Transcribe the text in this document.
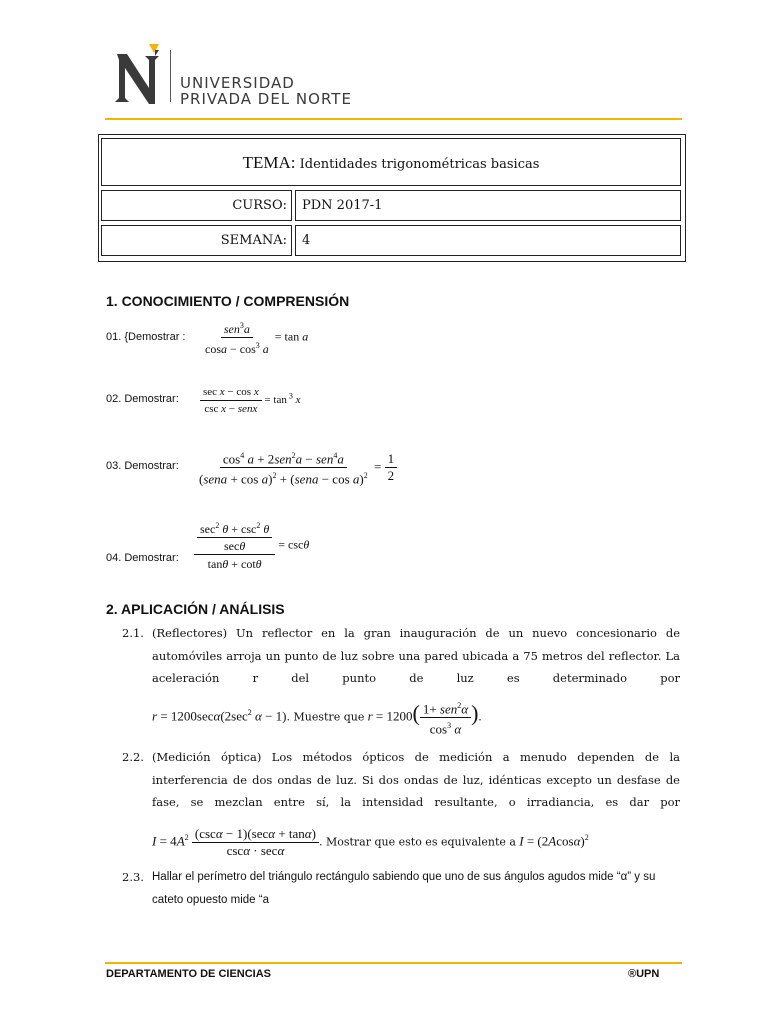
UNIVERSIDAD
PRIVADA DEL NORTE
TEMA: Identidades trigonométricas basicas
CURSO:	PDN 2017-1
SEMANA:	4
1. CONOCIMIENTO / COMPRENSIÓN
01. {Demostrar : $\frac{sen^3a}{\cos a - \cos^3 a} = \tan a$
02. Demostrar: $\frac{\text{sec x − cos x}}{\text{csc x − senx}} = \tan ^3$ x
03. Demostrar: $\frac{\cos^4 a + 2sen^2a - sen^4a}{(sena + \cos a)^2 + (sena - \cos a)^2} = \frac{1}{2}$
04. Demostrar: $\frac{\frac{\sec^2 \theta + \csc^2 \theta}{\sec\theta}}{\tan\theta + \cot\theta} = \csc\theta$
2. APLICACIÓN / ANÁLISIS
2.1. (Reflectores) Un reflector en la gran inauguración de un nuevo concesionario de automóviles arroja un punto de luz sobre una pared ubicada a 75 metros del reflector. La aceleración r del punto de luz es determinado por
$r = 1200\sec\alpha(2\sec^2$ α − 1). Muestre que $r = 1200( \frac{1+ sen^2\alpha}{\cos^3 \alpha}$ ).
2.2. (Medición óptica) Los métodos ópticos de medición a menudo dependen de la interferencia de dos ondas de luz. Si dos ondas de luz, idénticas excepto un desfase de fase, se mezclan entre sí, la intensidad resultante, o irradiancia, es dar por
$I = 4A^2 \frac{(\csc\alpha - 1)(\sec\alpha + \tan\alpha)}{\csc\alpha \cdot \sec\alpha}$ . Mostrar que esto es equivalente a $I = (2Acos\alpha)^2$
2.3. Hallar el perímetro del triángulo rectángulo sabiendo que uno de sus ángulos agudos mide “α” y su cateto opuesto mide “a
DEPARTAMENTO DE CIENCIAS	®UPN
